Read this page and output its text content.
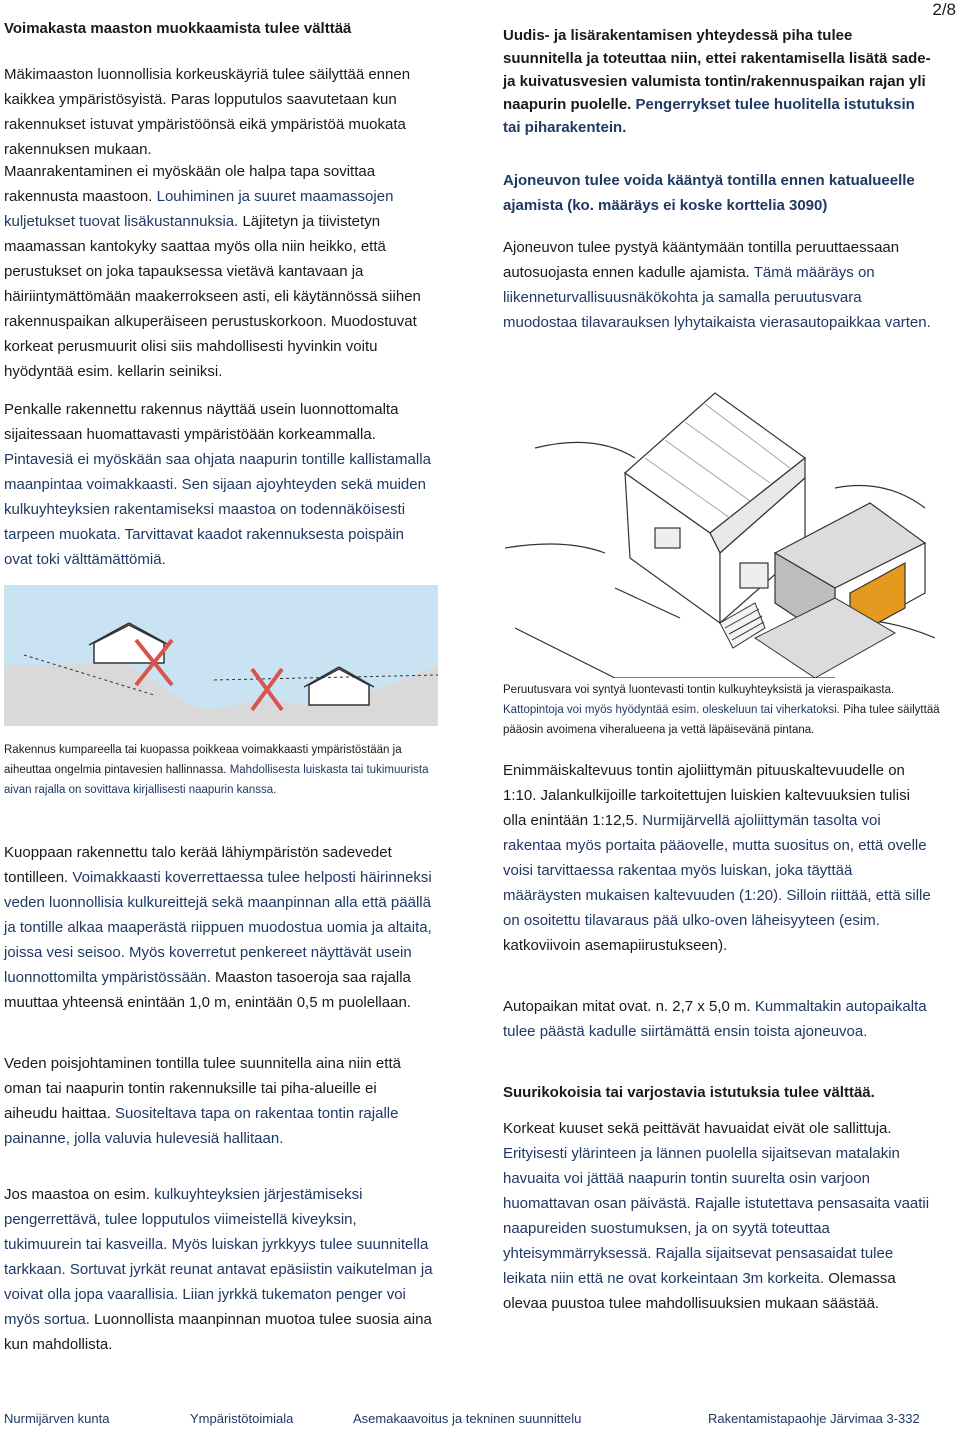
2/8

Voimakasta maaston muokkaamista tulee välttää

Mäkimaaston luonnollisia korkeuskäyriä tulee säilyttää ennen kaikkea ympäristösyistä. Paras lopputulos saavutetaan kun rakennukset istuvat ympäristöönsä eikä ympäristöä muokata rakennuksen mukaan.

Maanrakentaminen ei myöskään ole halpa tapa sovittaa rakennusta maastoon. Louhiminen ja suuret maamassojen kuljetukset tuovat lisäkustannuksia. Läjitetyn ja tiivistetyn maamassan kantokyky saattaa myös olla niin heikko, että perustukset on joka tapauksessa vietävä kantavaan ja häiriintymättömään maakerrokseen asti, eli käytännössä siihen rakennuspaikan alkuperäiseen perustuskorkoon. Muodostuvat korkeat perusmuurit olisi siis mahdollisesti hyvinkin voitu hyödyntää esim. kellarin seiniksi.

Penkalle rakennettu rakennus näyttää usein luonnottomalta sijaitessaan huomattavasti ympäristöään korkeammalla. Pintavesiä ei myöskään saa ohjata naapurin tontille kallistamalla maanpintaa voimakkaasti. Sen sijaan ajoyhteyden sekä muiden kulkuyhteyksien rakentamiseksi maastoa on todennäköisesti tarpeen muokata. Tarvittavat kaadot rakennuksesta poispäin ovat toki välttämättömiä.

Rakennus kumpareella tai kuopassa poikkeaa voimakkaasti ympäristöstään ja aiheuttaa ongelmia pintavesien hallinnassa. Mahdollisesta luiskasta tai tukimuurista aivan rajalla on sovittava kirjallisesti naapurin kanssa.

Kuoppaan rakennettu talo kerää lähiympäristön sadevedet tontilleen. Voimakkaasti koverrettaessa tulee helposti häirinneksi veden luonnollisia kulkureittejä sekä maanpinnan alla että päällä ja tontille alkaa maaperästä riippuen muodostua uomia ja altaita, joissa vesi seisoo. Myös koverretut penkereet näyttävät usein luonnottomilta ympäristössään. Maaston tasoeroja saa rajalla muuttaa yhteensä enintään 1,0 m, enintään 0,5 m puolellaan.

Veden poisjohtaminen tontilla tulee suunnitella aina niin että oman tai naapurin tontin rakennuksille tai piha-alueille ei aiheudu haittaa. Suositeltava tapa on rakentaa tontin rajalle painanne, jolla valuvia hulevesiä hallitaan.

Jos maastoa on esim. kulkuyhteyksien järjestämiseksi pengerrettävä, tulee lopputulos viimeistellä kiveyksin, tukimuurein tai kasveilla. Myös luiskan jyrkkyys tulee suunnitella tarkkaan. Sortuvat jyrkät reunat antavat epäsiistin vaikutelman ja voivat olla jopa vaarallisia. Liian jyrkkä tukematon penger voi myös sortua. Luonnollista maanpinnan muotoa tulee suosia aina kun mahdollista.

Uudis- ja lisärakentamisen yhteydessä piha tulee suunnitella ja toteuttaa niin, ettei rakentamisella lisätä sade- ja kuivatusvesien valumista tontin/rakennuspaikan rajan yli naapurin puolelle. Pengerrykset tulee huolitella istutuksin tai piharakentein.

Ajoneuvon tulee voida kääntyä tontilla ennen katualueelle ajamista (ko. määräys ei koske korttelia 3090)

Ajoneuvon tulee pystyä kääntymään tontilla peruuttaessaan autosuojasta ennen kadulle ajamista. Tämä määräys on liikenneturvallisuusnäkökohta ja samalla peruutusvara muodostaa tilavarauksen lyhytaikaista vierasautopaikkaa varten.

Peruutusvara voi syntyä luontevasti tontin kulkuyhteyksistä ja vieraspaikasta. Kattopintoja voi myös hyödyntää esim. oleskeluun tai viherkatoksi. Piha tulee säilyttää pääosin avoimena viheralueena ja vettä läpäisevänä pintana.

Enimmäiskaltevuus tontin ajoliittymän pituuskaltevuudelle on 1:10. Jalankulkijoille tarkoitettujen luiskien kaltevuuksien tulisi olla enintään 1:12,5. Nurmijärvellä ajoliittymän tasolta voi rakentaa myös portaita pääovelle, mutta suositus on, että ovelle voisi tarvittaessa rakentaa myös luiskan, joka täyttää määräysten mukaisen kaltevuuden (1:20). Silloin riittää, että sille on osoitettu tilavaraus pää ulko-oven läheisyyteen (esim. katkoviivoin asemapiirustukseen).

Autopaikan mitat ovat. n. 2,7 x 5,0 m. Kummaltakin autopaikalta tulee päästä kadulle siirtämättä ensin toista ajoneuvoa.

Suurikokoisia tai varjostavia istutuksia tulee välttää.

Korkeat kuuset sekä peittävät havuaidat eivät ole sallittuja. Erityisesti ylärinteen ja lännen puolella sijaitsevan matalakin havuaita voi jättää naapurin tontin suurelta osin varjoon huomattavan osan päivästä. Rajalle istutettava pensasaita vaatii naapureiden suostumuksen, ja on syytä toteuttaa yhteisymmärryksessä. Rajalla sijaitsevat pensasaidat tulee leikata niin että ne ovat korkeintaan 3m korkeita. Olemassa olevaa puustoa tulee mahdollisuuksien mukaan säästää.

Nurmijärven kunta	Ympäristötoimiala	Asemakaavoitus ja tekninen suunnittelu	Rakentamistapaohje Järvimaa 3-332
